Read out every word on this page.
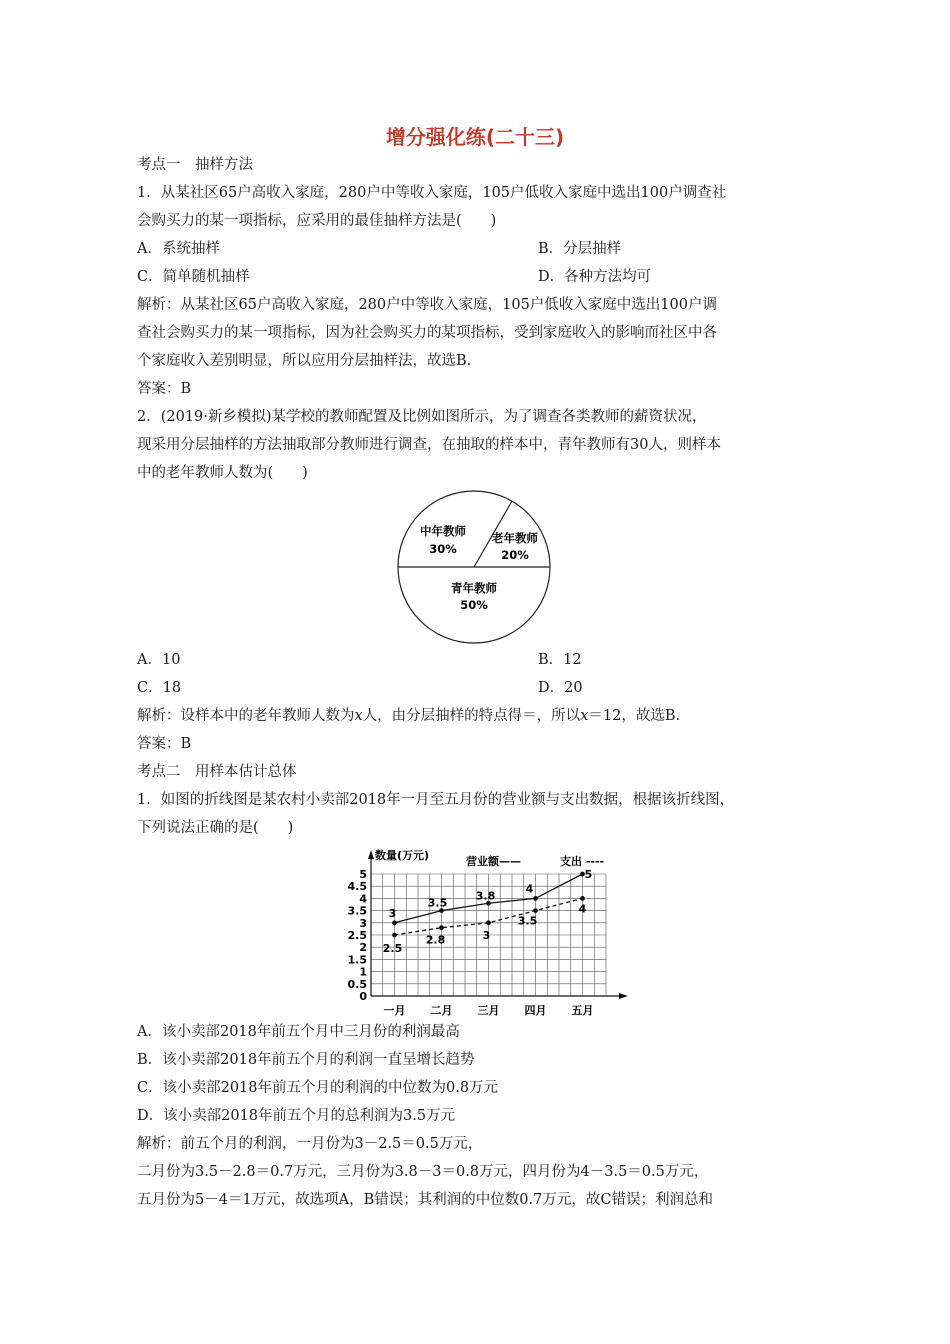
增分强化练(二十三)
考点一　抽样方法
1．从某社区65户高收入家庭，280户中等收入家庭，105户低收入家庭中选出100户调查社
会购买力的某一项指标，应采用的最佳抽样方法是(　　)
A．系统抽样	B．分层抽样
C．简单随机抽样	D．各种方法均可
解析：从某社区65户高收入家庭，280户中等收入家庭，105户低收入家庭中选出100户调
查社会购买力的某一项指标，因为社会购买力的某项指标，受到家庭收入的影响而社区中各
个家庭收入差别明显，所以应用分层抽样法，故选B.
答案：B
2．(2019·新乡模拟)某学校的教师配置及比例如图所示，为了调查各类教师的薪资状况，
现采用分层抽样的方法抽取部分教师进行调查，在抽取的样本中，青年教师有30人，则样本
中的老年教师人数为(　　)
中年教师
30%
老年教师
20%
青年教师
50%
A．10	B．12
C．18	D．20
解析：设样本中的老年教师人数为x人，由分层抽样的特点得＝，所以x＝12，故选B.
答案：B
考点二　用样本估计总体
1．如图的折线图是某农村小卖部2018年一月至五月份的营业额与支出数据，根据该折线图，
下列说法正确的是(　　)
0
0.5
1
1.5
2
2.5
3
3.5
4
4.5
5
一月 二月 三月 四月 五月
数量(万元)	营业额——	支出 ----
3
3.5
3.8
4
5
2.5
2.8	3
3.5
4
A．该小卖部2018年前五个月中三月份的利润最高
B．该小卖部2018年前五个月的利润一直呈增长趋势
C．该小卖部2018年前五个月的利润的中位数为0.8万元
D．该小卖部2018年前五个月的总利润为3.5万元
解析：前五个月的利润，一月份为3－2.5＝0.5万元，
二月份为3.5－2.8＝0.7万元，三月份为3.8－3＝0.8万元，四月份为4－3.5＝0.5万元，
五月份为5－4＝1万元，故选项A，B错误；其利润的中位数0.7万元，故C错误；利润总和
